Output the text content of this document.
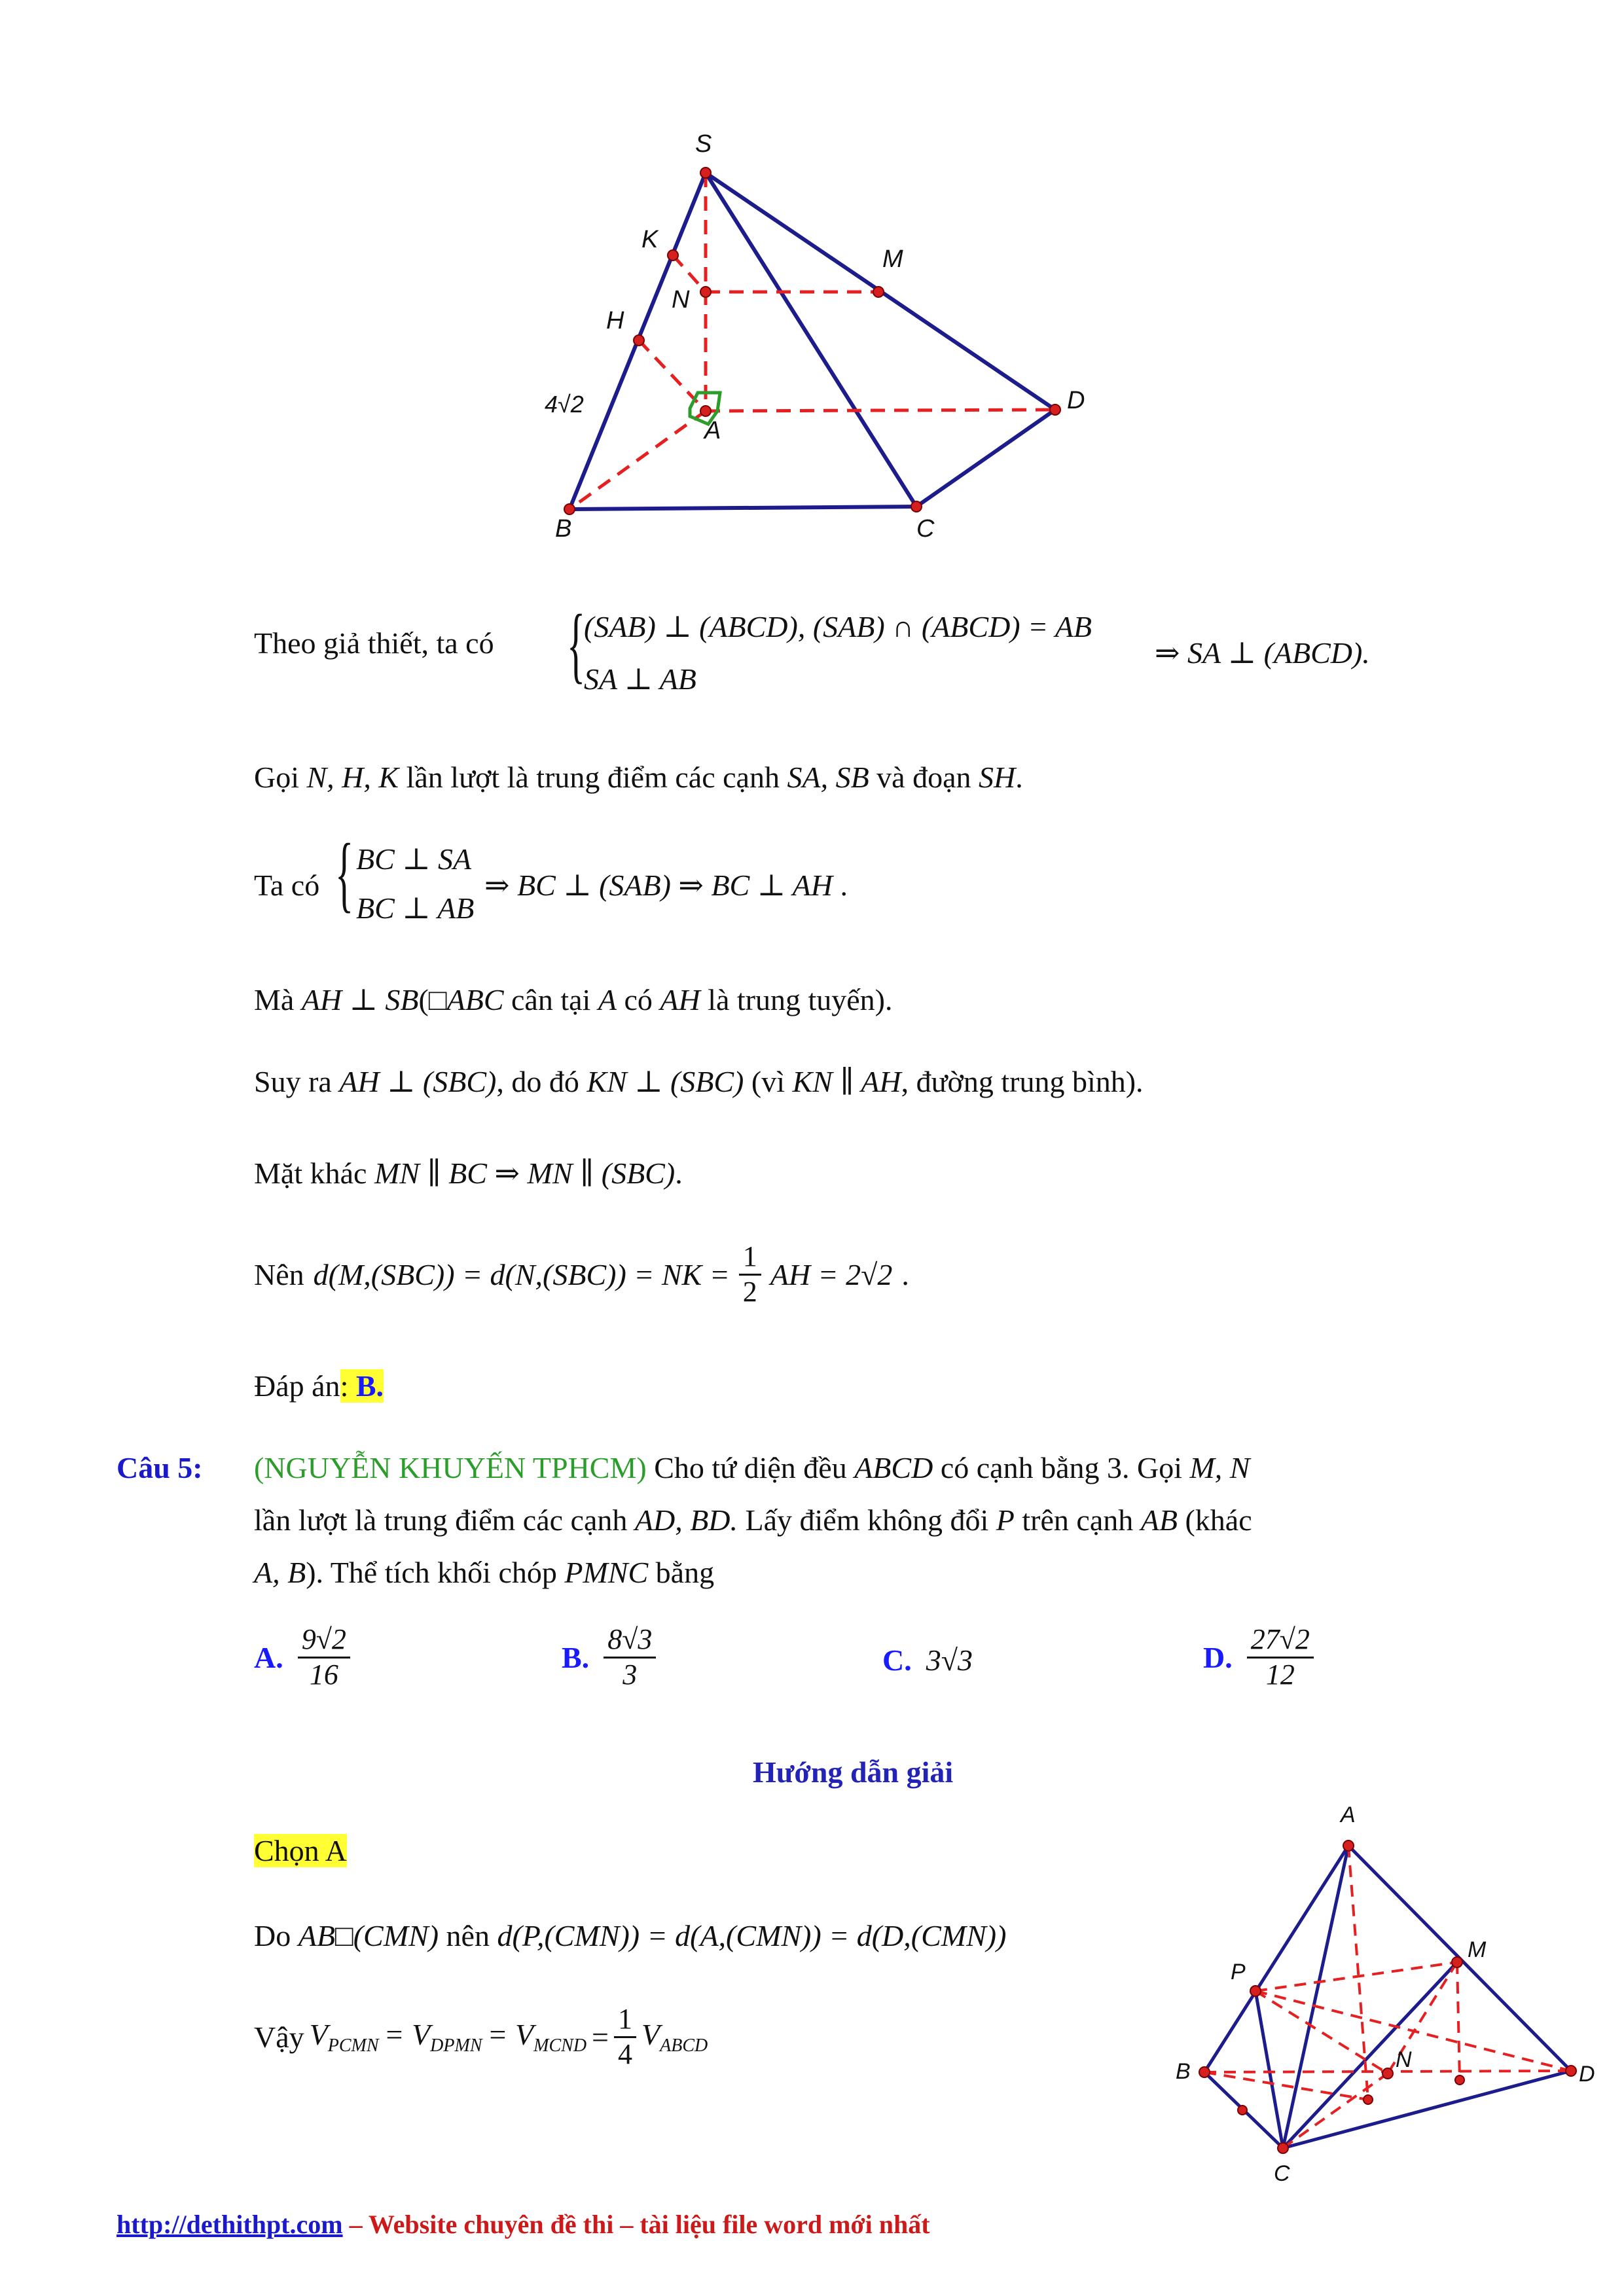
S
K
M
N
H
A
D
B	C
4√2
Theo giả thiết, ta có {
(SAB) ⊥ (ABCD), (SAB) ∩ (ABCD) = AB
SA ⊥ AB
⇒ SA ⊥ (ABCD).
Gọi N, H, K lần lượt là trung điểm các cạnh SA, SB và đoạn SH.
Ta có { BC ⊥ SA
BC ⊥ AB
⇒ BC ⊥ (SAB) ⇒ BC ⊥ AH .
Mà AH ⊥ SB(□ABC cân tại A có AH là trung tuyến).
Suy ra AH ⊥ (SBC), do đó KN ⊥ (SBC) (vì KN ∥ AH, đường trung bình).
Mặt khác MN ∥ BC ⇒ MN ∥ (SBC).
Nên d(M,(SBC)) = d(N,(SBC)) = NK = $\frac{1}{2}$ AH = 2√2 .
Đáp án: B.
Câu 5: (NGUYỄN KHUYẾN TPHCM) Cho tứ diện đều ABCD có cạnh bằng 3. Gọi M, N
lần lượt là trung điểm các cạnh AD, BD. Lấy điểm không đổi P trên cạnh AB (khác
A, B). Thể tích khối chóp PMNC bằng
A. $\frac{9√2}{16}$	B. $\frac{8√3}{3}$	C. 3√3	D. $\frac{27√2}{12}$
Hướng dẫn giải
Chọn A
Do AB□(CMN) nên d(P,(CMN)) = d(A,(CMN)) = d(D,(CMN))
Vậy $V_{PCMN} = V_{DPMN} = V_{MCND} = \frac{1}{4} V_{ABCD}$
A
M
P
N
B	D
C
http://dethithpt.com – Website chuyên đề thi – tài liệu file word mới nhất
